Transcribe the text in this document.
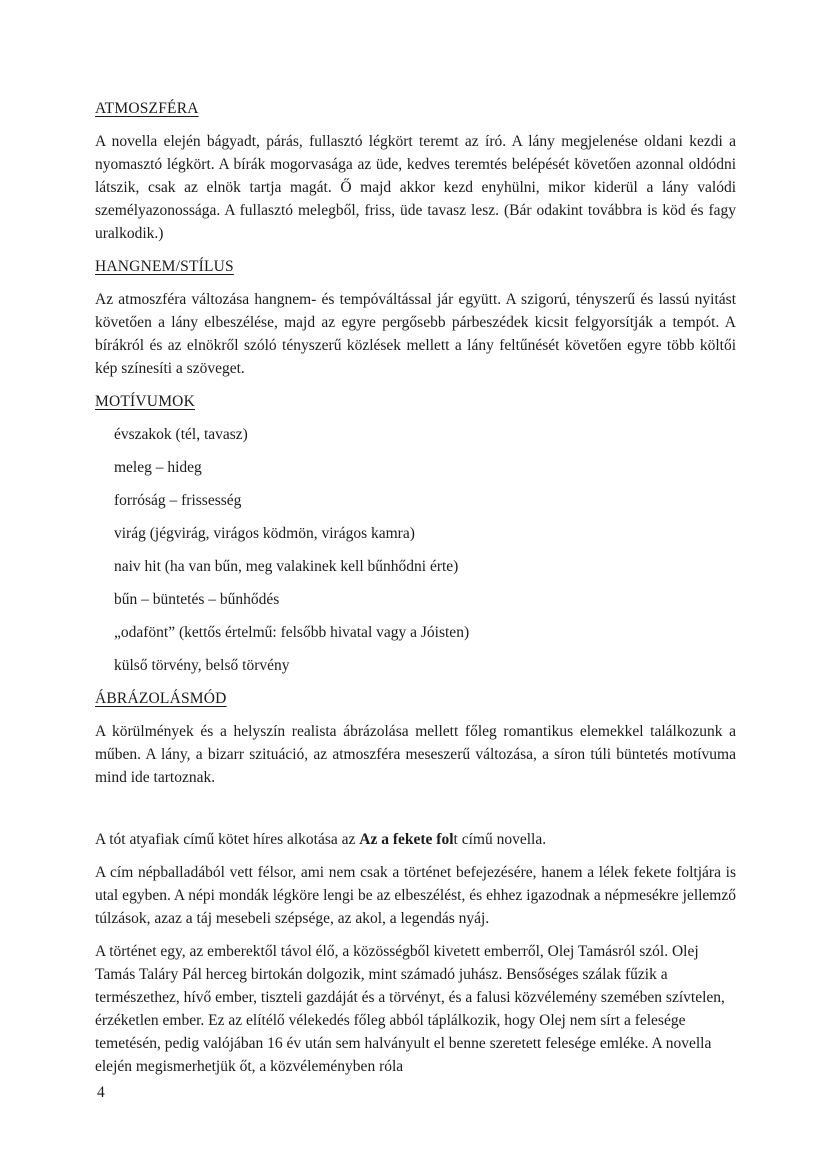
ATMOSZFÉRA

A novella elején bágyadt, párás, fullasztó légkört teremt az író. A lány megjelenése oldani kezdi a nyomasztó légkört. A bírák mogorvasága az üde, kedves teremtés belépését követően azonnal oldódni látszik, csak az elnök tartja magát. Ő majd akkor kezd enyhülni, mikor kiderül a lány valódi személyazonossága. A fullasztó melegből, friss, üde tavasz lesz. (Bár odakint továbbra is köd és fagy uralkodik.)

HANGNEM/STÍLUS

Az atmoszféra változása hangnem- és tempóváltással jár együtt. A szigorú, tényszerű és lassú nyitást követően a lány elbeszélése, majd az egyre pergősebb párbeszédek kicsit felgyorsítják a tempót. A bírákról és az elnökről szóló tényszerű közlések mellett a lány feltűnését követően egyre több költői kép színesíti a szöveget.

MOTÍVUMOK
évszakok (tél, tavasz)
meleg – hideg
forróság – frissesség
virág (jégvirág, virágos ködmön, virágos kamra)
naiv hit (ha van bűn, meg valakinek kell bűnhődni érte)
bűn – büntetés – bűnhődés
„odafönt” (kettős értelmű: felsőbb hivatal vagy a Jóisten)
külső törvény, belső törvény
ÁBRÁZOLÁSMÓD

A körülmények és a helyszín realista ábrázolása mellett főleg romantikus elemekkel találkozunk a műben. A lány, a bizarr szituáció, az atmoszféra meseszerű változása, a síron túli büntetés motívuma mind ide tartoznak.

A tót atyafiak című kötet híres alkotása az Az a fekete folt című novella.

A cím népballadából vett félsor, ami nem csak a történet befejezésére, hanem a lélek fekete foltjára is utal egyben. A népi mondák légköre lengi be az elbeszélést, és ehhez igazodnak a népmesékre jellemző túlzások, azaz a táj mesebeli szépsége, az akol, a legendás nyáj.

A történet egy, az emberektől távol élő, a közösségből kivetett emberről, Olej Tamásról szól. Olej Tamás Taláry Pál herceg birtokán dolgozik, mint számadó juhász. Bensőséges szálak fűzik a természethez, hívő ember, tiszteli gazdáját és a törvényt, és a falusi közvélemény szemében szívtelen, érzéketlen ember. Ez az elítélő vélekedés főleg abból táplálkozik, hogy Olej nem sírt a felesége temetésén, pedig valójában 16 év után sem halványult el benne szeretett felesége emléke. A novella elején megismerhetjük őt, a közvéleményben róla

4
